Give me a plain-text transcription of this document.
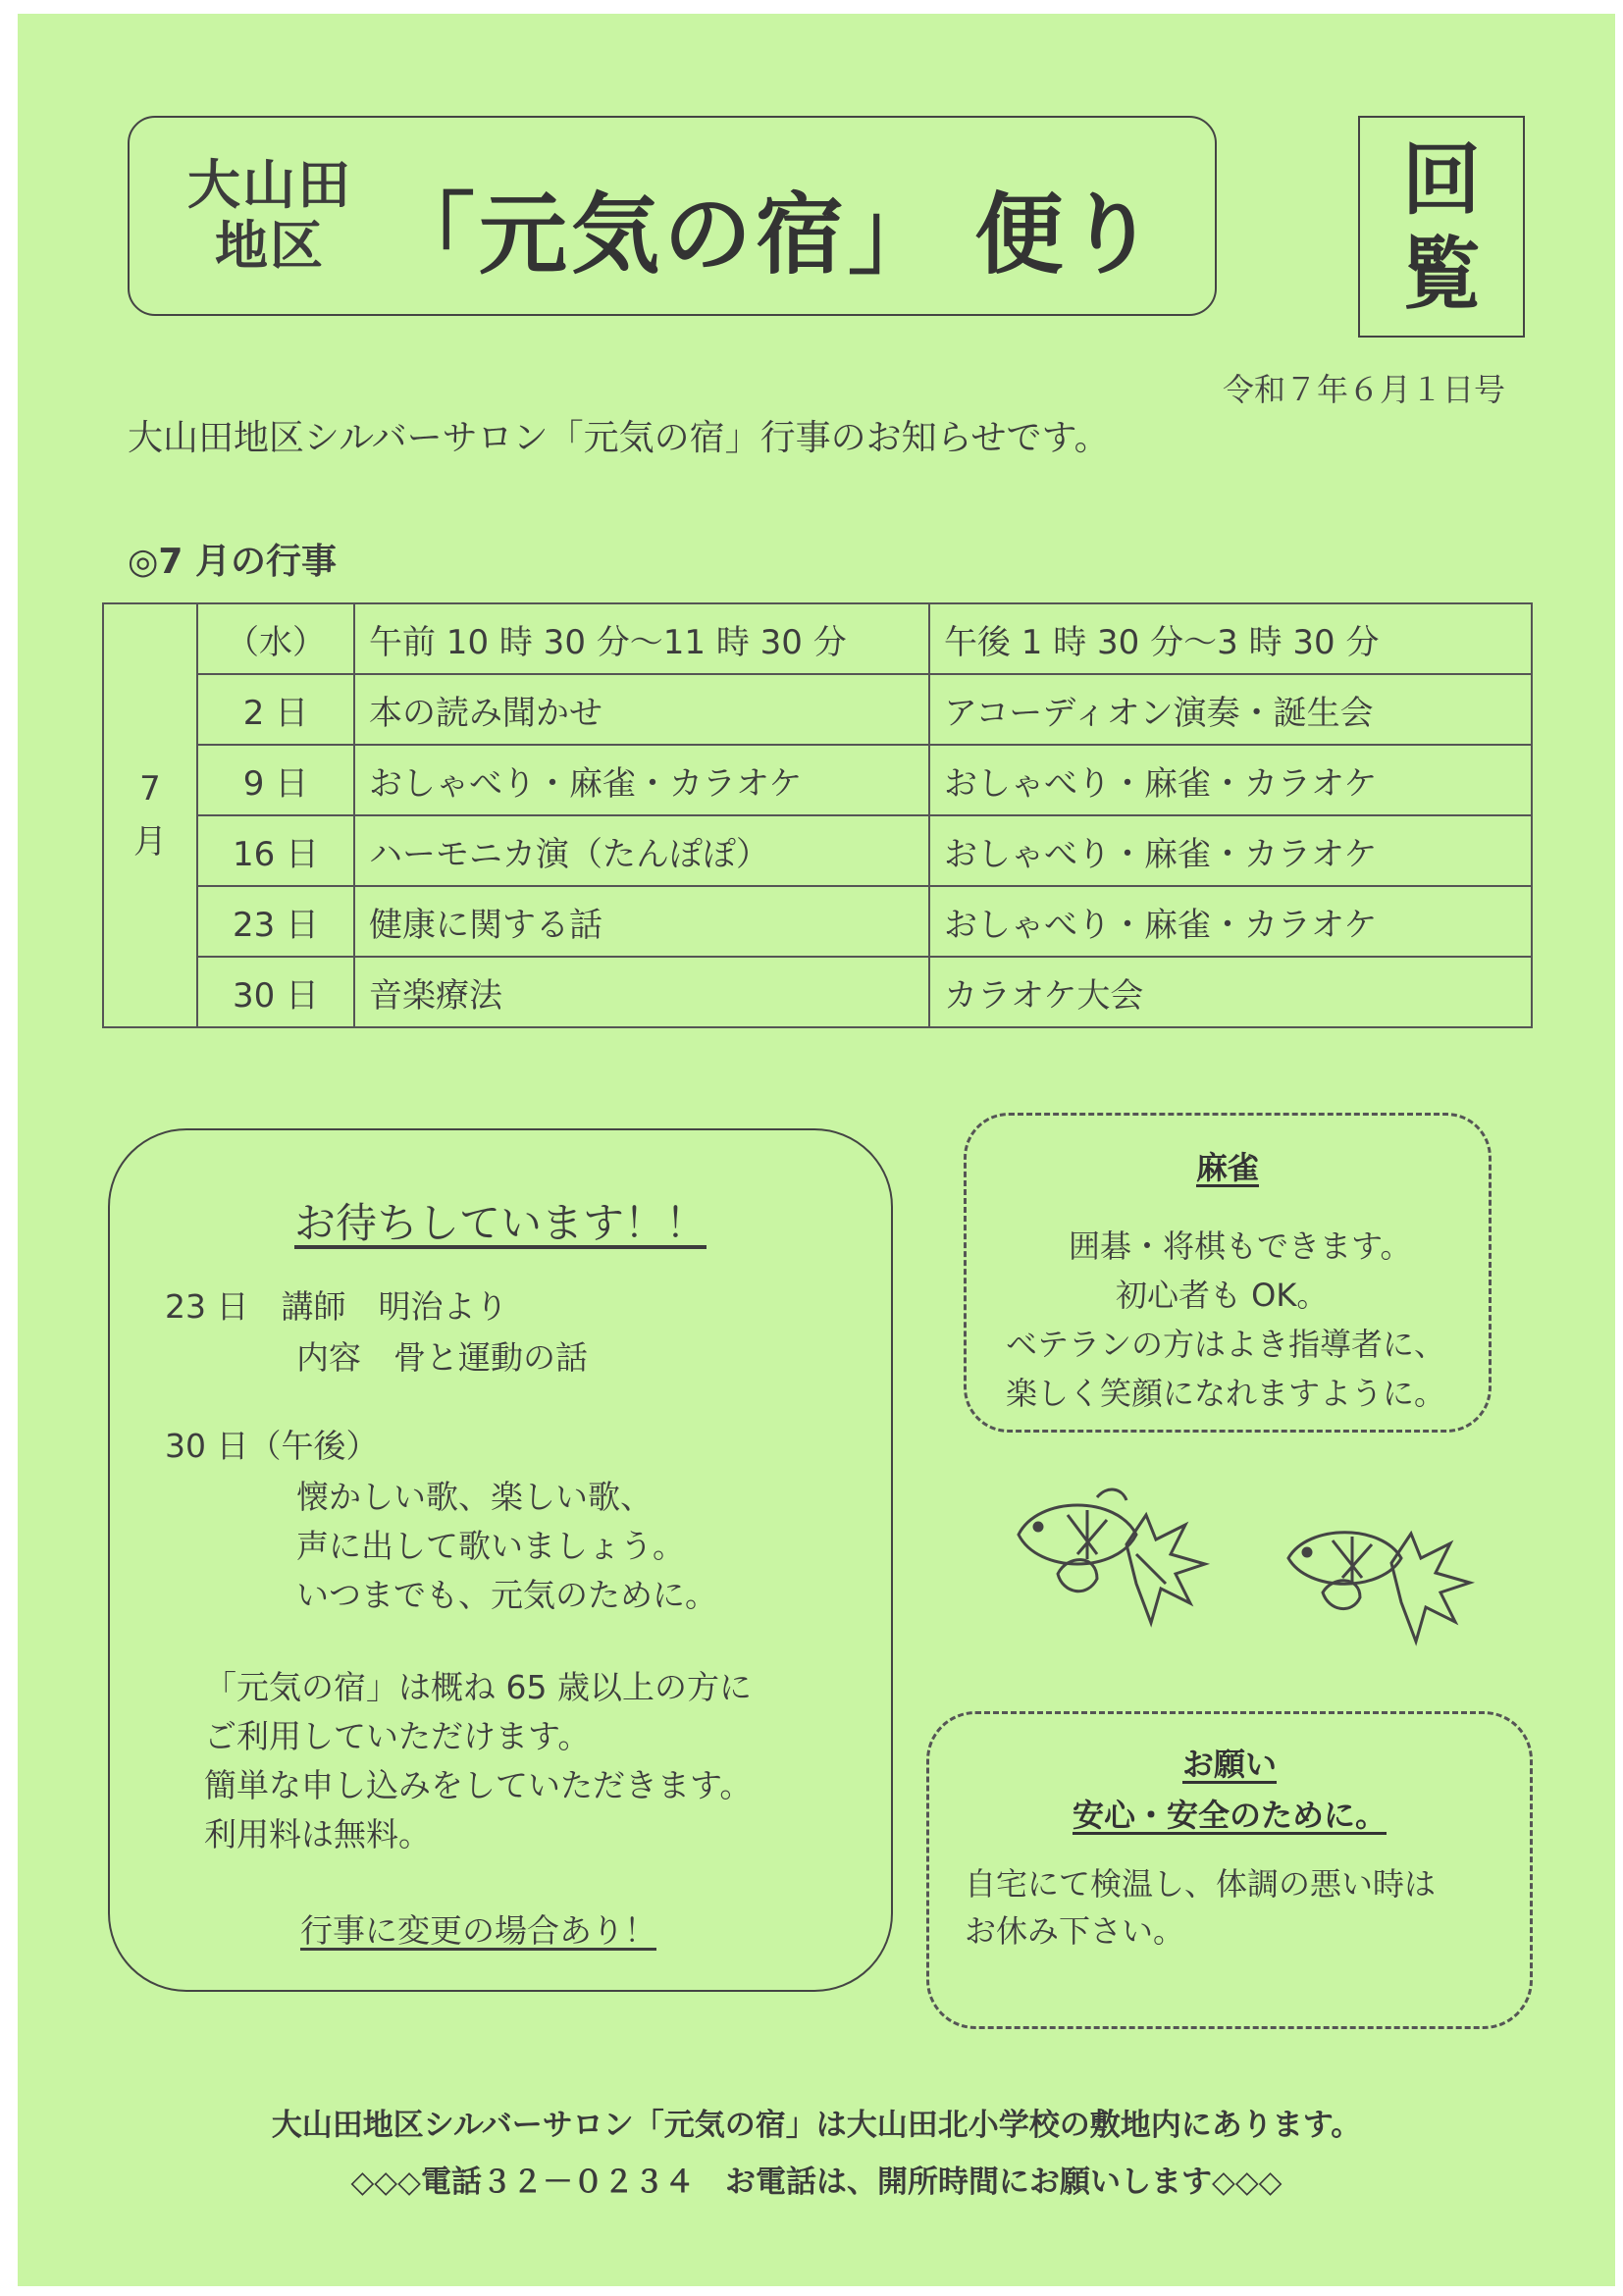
大山田
地区 「元気の宿」 便り
回
覧
令和７年６月１日号
大山田地区シルバーサロン「元気の宿」行事のお知らせです。
◎7 月の行事
7
月	（水）	午前 10 時 30 分～11 時 30 分	午後 1 時 30 分～3 時 30 分
	2 日	本の読み聞かせ	アコーディオン演奏・誕生会
	9 日	おしゃべり・麻雀・カラオケ	おしゃべり・麻雀・カラオケ
	16 日	ハーモニカ演（たんぽぽ）	おしゃべり・麻雀・カラオケ
	23 日	健康に関する話	おしゃべり・麻雀・カラオケ
	30 日	音楽療法	カラオケ大会
お待ちしています！！
23 日　講師　明治より
内容　骨と運動の話
30 日（午後）
懐かしい歌、楽しい歌、
声に出して歌いましょう。
いつまでも、元気のために。
「元気の宿」は概ね 65 歳以上の方に
ご利用していただけます。
簡単な申し込みをしていただきます。
利用料は無料。
行事に変更の場合あり！
麻雀
囲碁・将棋もできます。
初心者も OK。
ベテランの方はよき指導者に、
楽しく笑顔になれますように。
お願い
安心・安全のために。
自宅にて検温し、体調の悪い時は
お休み下さい。
大山田地区シルバーサロン「元気の宿」は大山田北小学校の敷地内にあります。
◇◇◇電話３２－０２３４　お電話は、開所時間にお願いします◇◇◇
